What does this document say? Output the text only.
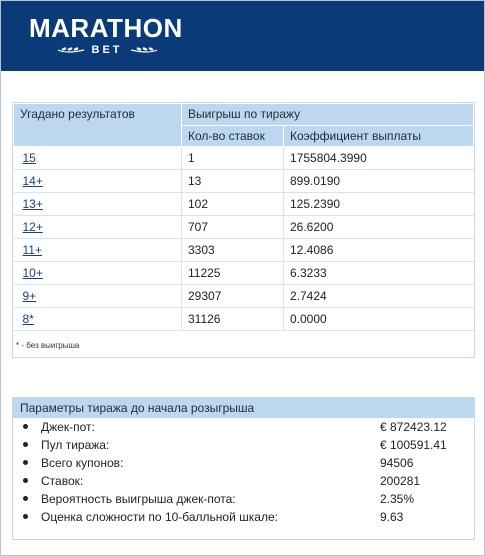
MARATHON
BET
Угадано результатов	Выигрыш по тиражу	
	Кол-во ставок	Коэффициент выплаты
15	1	1755804.3990
14+	13	899.0190
13+	102	125.2390
12+	707	26.6200
11+	3303	12.4086
10+	11225	6.3233
9+	29307	2.7424
8*	31126	0.0000
* - без выигрыша
Параметры тиража до начала розыгрыша
Джек-пот:	€ 872423.12
Пул тиража:	€ 100591.41
Всего купонов:	94506
Ставок:	200281
Вероятность выигрыша джек-пота:	2.35%
Оценка сложности по 10-балльной шкале:	9.63
